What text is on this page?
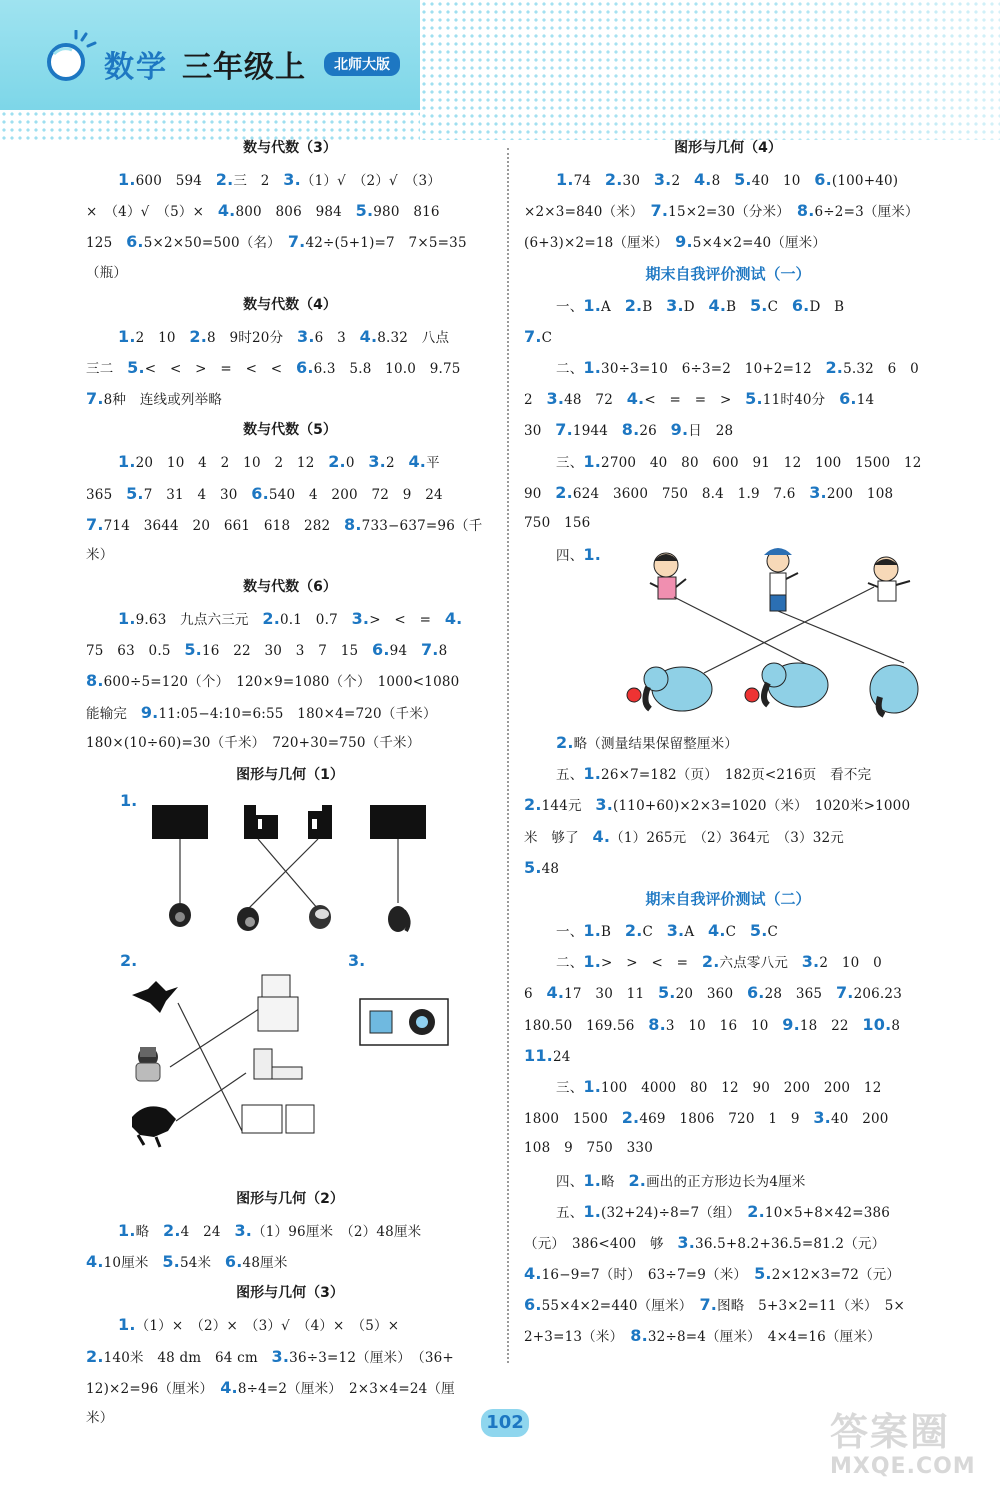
数学 三年级上	北师大版
数与代数（3）
1.600　594　2.三　2　3.（1）√　（2）√　（3）
×　（4）√　（5）×　4.800　806　984　5.980　816
125　6.5×2×50=500（名）　7.42÷(5+1)=7　7×5=35
（瓶）
数与代数（4）
1.2　10　2.8　9时20分　3.6　3　4.8.32　八点
三二　5.<　<　>　=　<　<　6.6.3　5.8　10.0　9.75
7.8种　连线或列举略
数与代数（5）
1.20　10　4　2　10　2　12　2.0　3.2　4.平
365　5.7　31　4　30　6.540　4　200　72　9　24
7.714　3644　20　661　618　282　8.733−637=96（千
米）
数与代数（6）
1.9.63　九点六三元　2.0.1　0.7　3.>　<　=　4.
75　63　0.5　5.16　22　30　3　7　15　6.94　7.8
8.600÷5=120（个）　120×9=1080（个）　1000<1080
能输完　9.11:05−4:10=6:55　180×4=720（千米）
180×(10÷60)=30（千米）　720+30=750（千米）
图形与几何（1）
1.
2.	3.
图形与几何（2）
1.略　2.4　24　3.（1）96厘米　（2）48厘米
4.10厘米　5.54米　6.48厘米
图形与几何（3）
1.（1）×　（2）×　（3）√　（4）×　（5）×
2.140米　48 dm　64 cm　3.36÷3=12（厘米）　（36+
12)×2=96（厘米）　4.8÷4=2（厘米）　2×3×4=24（厘
米）
图形与几何（4）
1.74　2.30　3.2　4.8　5.40　10　6.(100+40)
×2×3=840（米）　7.15×2=30（分米）　8.6÷2=3（厘米）
(6+3)×2=18（厘米）　9.5×4×2=40（厘米）
期末自我评价测试（一）
一、1.A　2.B　3.D　4.B　5.C　6.D　B
7.C
二、1.30÷3=10　6÷3=2　10+2=12　2.5.32　6　0
2　3.48　72　4.<　=　=　>　5.11时40分　6.14
30　7.1944　8.26　9.日　28
三、1.2700　40　80　600　91　12　100　1500　12
90　2.624　3600　750　8.4　1.9　7.6　3.200　108
750　156
四、1.
2.略（测量结果保留整厘米）
五、1.26×7=182（页）　182页<216页　看不完
2.144元　3.(110+60)×2×3=1020（米）　1020米>1000
米　够了　4.（1）265元　（2）364元　（3）32元
5.48
期末自我评价测试（二）
一、1.B　2.C　3.A　4.C　5.C
二、1.>　>　<　=　2.六点零八元　3.2　10　0
6　4.17　30　11　5.20　360　6.28　365　7.206.23
180.50　169.56　8.3　10　16　10　9.18　22　10.8
11.24
三、1.100　4000　80　12　90　200　200　12
1800　1500　2.469　1806　720　1　9　3.40　200
108　9　750　330
四、1.略　2.画出的正方形边长为4厘米
五、1.(32+24)÷8=7（组）　2.10×5+8×42=386
（元）　386<400　够　3.36.5+8.2+36.5=81.2（元）
4.16−9=7（时）　63÷7=9（米）　5.2×12×3=72（元）
6.55×4×2=440（厘米）　7.图略　5+3×2=11（米）　5×
2+3=13（米）　8.32÷8=4（厘米）　4×4=16（厘米）
102	答案圈
MXQE.COM
